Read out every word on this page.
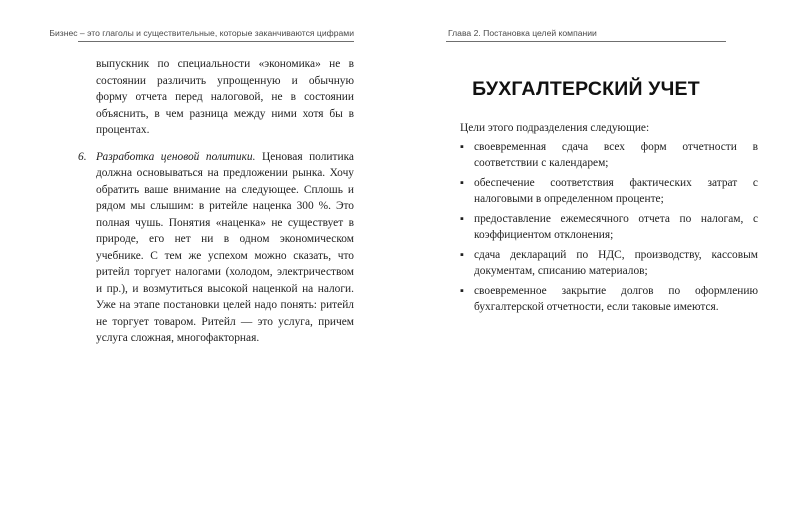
Бизнес – это глаголы и существительные, которые заканчиваются цифрами

выпускник по специальности «экономика» не в состоянии различить упрощенную и обычную форму отчета перед налоговой, не в состоянии объяснить, в чем разница между ними хотя бы в процентах.

6. Разработка ценовой политики. Ценовая политика должна основываться на предложении рынка. Хочу обратить ваше внимание на следующее. Сплошь и рядом мы слышим: в ритейле наценка 300 %. Это полная чушь. Понятия «наценка» не существует в природе, его нет ни в одном экономическом учебнике. С тем же успехом можно сказать, что ритейл торгует налогами (холодом, электричеством и пр.), и возмутиться высокой наценкой на налоги. Уже на этапе постановки целей надо понять: ритейл не торгует товаром. Ритейл — это услуга, причем услуга сложная, многофакторная.
Глава 2. Постановка целей компании
БУХГАЛТЕРСКИЙ УЧЕТ

Цели этого подразделения следующие:

▪ своевременная сдача всех форм отчетности в соответствии с календарем;
▪ обеспечение соответствия фактических затрат с налоговыми в определенном проценте;
▪ предоставление ежемесячного отчета по налогам, с коэффициентом отклонения;
▪ сдача деклараций по НДС, производству, кассовым документам, списанию материалов;
▪ своевременное закрытие долгов по оформлению бухгалтерской отчетности, если таковые имеются.
